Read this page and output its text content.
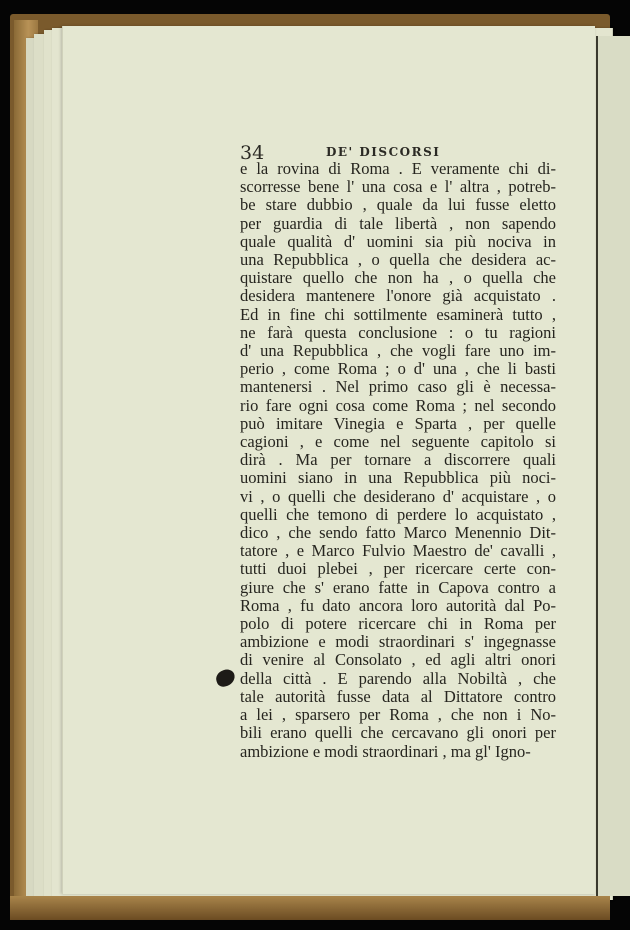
34	DE' DISCORSI
e la rovina di Roma . E veramente chi di-
scorresse bene l' una cosa e l' altra , potreb-
be stare dubbio , quale da lui fusse eletto
per guardia di tale libertà , non sapendo
quale qualità d' uomini sia più nociva in
una Repubblica , o quella che desidera ac-
quistare quello che non ha , o quella che
desidera mantenere l'onore già acquistato .
Ed in fine chi sottilmente esaminerà tutto ,
ne farà questa conclusione : o tu ragioni
d' una Repubblica , che vogli fare uno im-
perio , come Roma ; o d' una , che li basti
mantenersi . Nel primo caso gli è necessa-
rio fare ogni cosa come Roma ; nel secondo
può imitare Vinegia e Sparta , per quelle
cagioni , e come nel seguente capitolo si
dirà . Ma per tornare a discorrere quali
uomini siano in una Repubblica più noci-
vi , o quelli che desiderano d' acquistare , o
quelli che temono di perdere lo acquistato ,
dico , che sendo fatto Marco Menennio Dit-
tatore , e Marco Fulvio Maestro de' cavalli ,
tutti duoi plebei , per ricercare certe con-
giure che s' erano fatte in Capova contro a
Roma , fu dato ancora loro autorità dal Po-
polo di potere ricercare chi in Roma per
ambizione e modi straordinari s' ingegnasse
di venire al Consolato , ed agli altri onori
della città . E parendo alla Nobiltà , che
tale autorità fusse data al Dittatore contro
a lei , sparsero per Roma , che non i No-
bili erano quelli che cercavano gli onori per
ambizione e modi straordinari , ma gl' Igno-
